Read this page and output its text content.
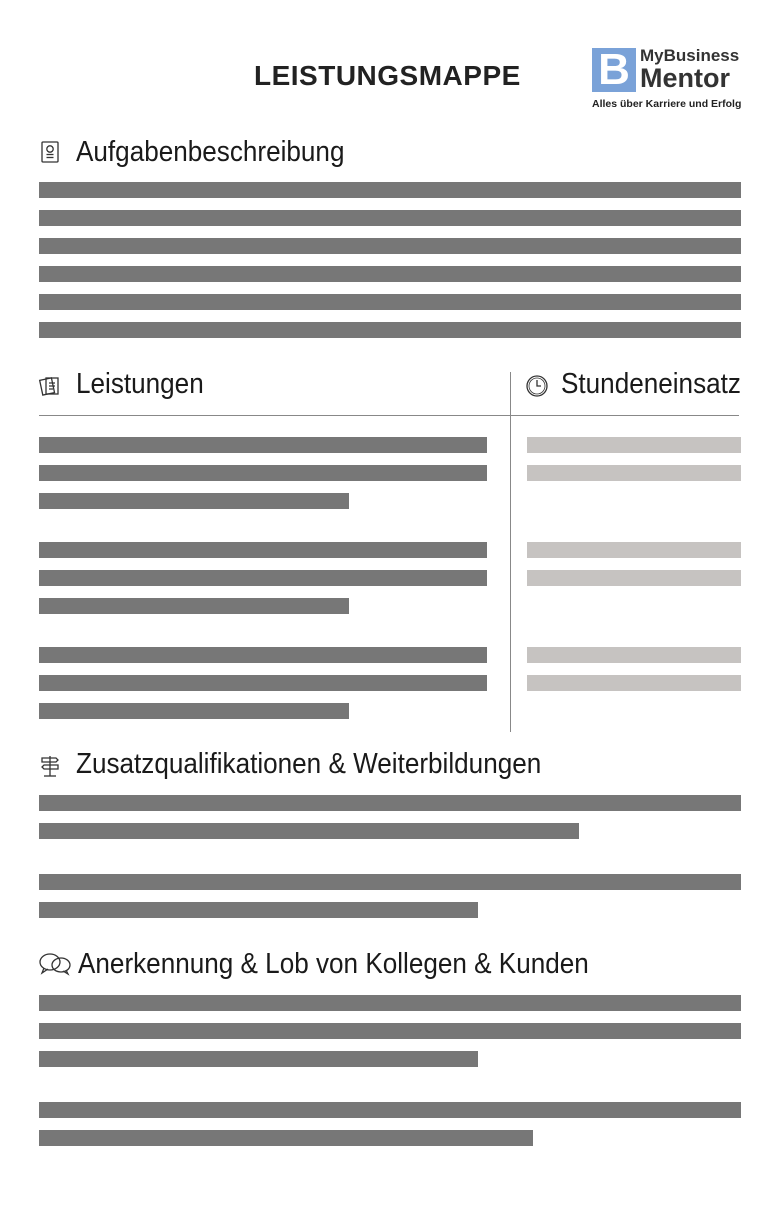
LEISTUNGSMAPPE B MyBusiness
Mentor
Alles über Karriere und Erfolg
Aufgabenbeschreibung
Leistungen	Stundeneinsatz
Zusatzqualifikationen & Weiterbildungen
Anerkennung & Lob von Kollegen & Kunden
